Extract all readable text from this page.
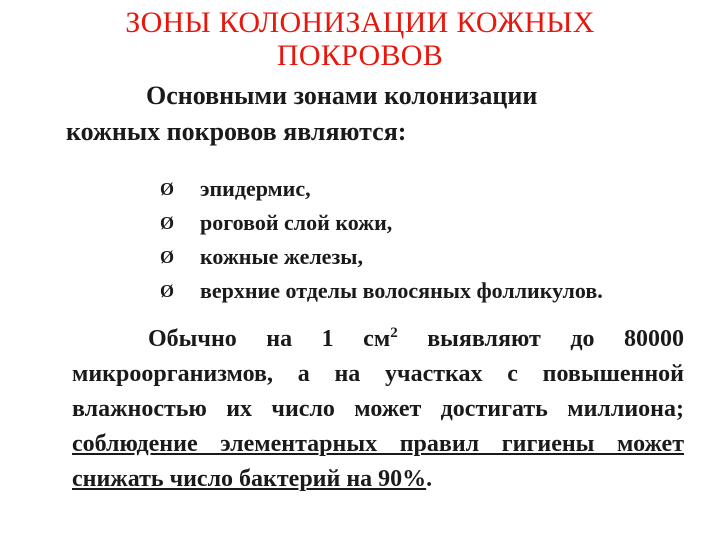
ЗОНЫ КОЛОНИЗАЦИИ КОЖНЫХ
ПОКРОВОВ
Основными зонами колонизации
кожных покровов являются:
Ø эпидермис,
Ø роговой слой кожи,
Ø кожные железы,
Ø верхние отделы волосяных фолликулов.
Обычно на 1 $см^2$ выявляют до 80000 микроорганизмов, а на участках с повышенной влажностью их число может достигать миллиона; соблюдение элементарных правил гигиены может снижать число бактерий на 90%.
